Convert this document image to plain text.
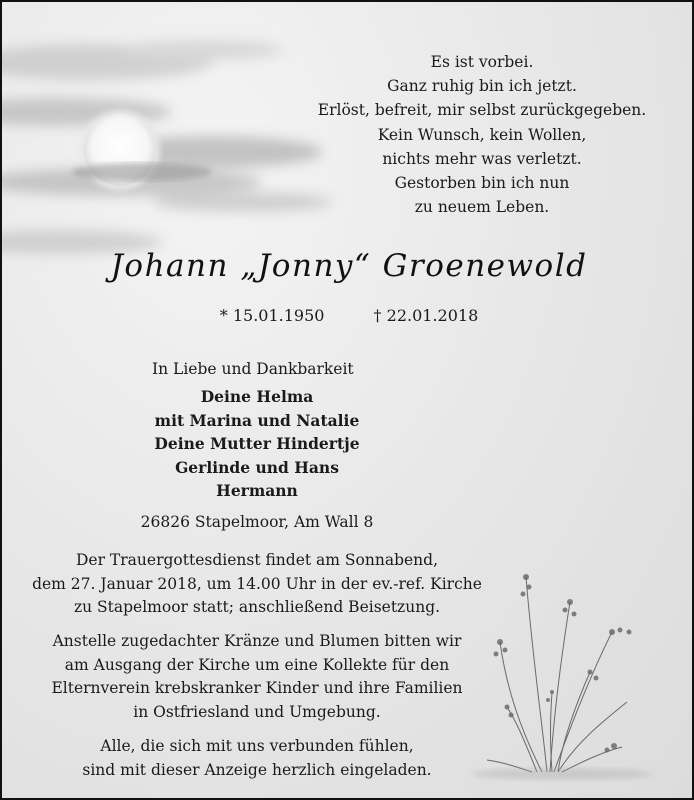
Es ist vorbei.
Ganz ruhig bin ich jetzt.
Erlöst, befreit, mir selbst zurückgegeben.
Kein Wunsch, kein Wollen,
nichts mehr was verletzt.
Gestorben bin ich nun
zu neuem Leben.
Johann „Jonny“ Groenewold
* 15.01.1950	† 22.01.2018
In Liebe und Dankbarkeit
Deine Helma
mit Marina und Natalie
Deine Mutter Hindertje
Gerlinde und Hans
Hermann
26826 Stapelmoor, Am Wall 8
Der Trauergottesdienst findet am Sonnabend,
dem 27. Januar 2018, um 14.00 Uhr in der ev.-ref. Kirche
zu Stapelmoor statt; anschließend Beisetzung.
Anstelle zugedachter Kränze und Blumen bitten wir
am Ausgang der Kirche um eine Kollekte für den
Elternverein krebskranker Kinder und ihre Familien
in Ostfriesland und Umgebung.
Alle, die sich mit uns verbunden fühlen,
sind mit dieser Anzeige herzlich eingeladen.
